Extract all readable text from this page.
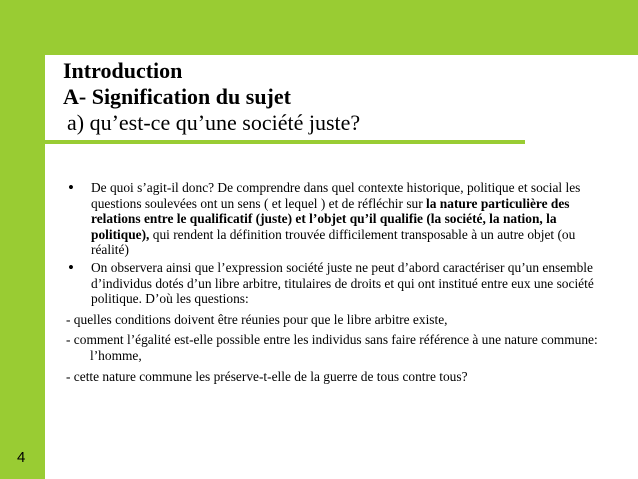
Introduction
A- Signification du sujet
a) qu’est-ce qu’une société juste?
• De quoi s’agit-il donc? De comprendre dans quel contexte historique, politique et social les questions soulevées ont un sens ( et lequel ) et de réfléchir sur la nature particulière des relations entre le qualificatif (juste) et l’objet qu’il qualifie (la société, la nation, la politique), qui rendent la définition trouvée difficilement transposable à un autre objet (ou réalité)
• On observera ainsi que l’expression société juste ne peut d’abord caractériser qu’un ensemble d’individus dotés d’un libre arbitre, titulaires de droits et qui ont institué entre eux une société politique. D’où les questions:
- quelles conditions doivent être réunies pour que le libre arbitre existe,
- comment l’égalité est-elle possible entre les individus sans faire référence à une nature commune: l’homme,
- cette nature commune les préserve-t-elle de la guerre de tous contre tous?
4
